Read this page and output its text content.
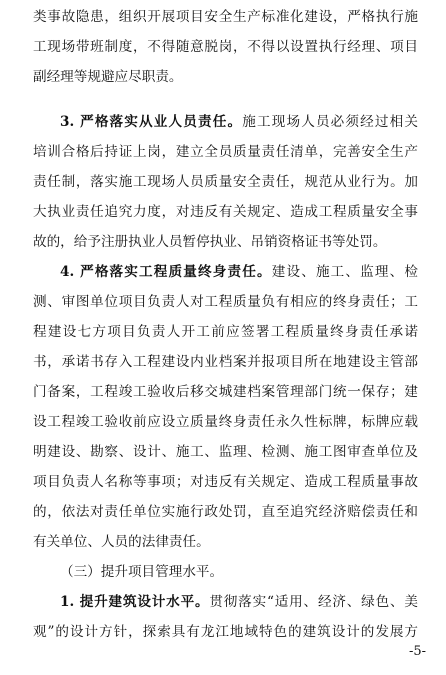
类事故隐患，组织开展项目安全生产标准化建设，严格执行施
工现场带班制度，不得随意脱岗，不得以设置执行经理、项目
副经理等规避应尽职责。
3. 严格落实从业人员责任。施工现场人员必须经过相关
培训合格后持证上岗，建立全员质量责任清单，完善安全生产
责任制，落实施工现场人员质量安全责任，规范从业行为。加
大执业责任追究力度，对违反有关规定、造成工程质量安全事
故的，给予注册执业人员暂停执业、吊销资格证书等处罚。
4. 严格落实工程质量终身责任。建设、施工、监理、检
测、审图单位项目负责人对工程质量负有相应的终身责任；工
程建设七方项目负责人开工前应签署工程质量终身责任承诺
书，承诺书存入工程建设内业档案并报项目所在地建设主管部
门备案，工程竣工验收后移交城建档案管理部门统一保存；建
设工程竣工验收前应设立质量终身责任永久性标牌，标牌应载
明建设、勘察、设计、施工、监理、检测、施工图审查单位及
项目负责人名称等事项；对违反有关规定、造成工程质量事故
的，依法对责任单位实施行政处罚，直至追究经济赔偿责任和
有关单位、人员的法律责任。
（三）提升项目管理水平。
1. 提升建筑设计水平。贯彻落实“适用、经济、绿色、美
观”的设计方针，探索具有龙江地域特色的建筑设计的发展方
-5-
